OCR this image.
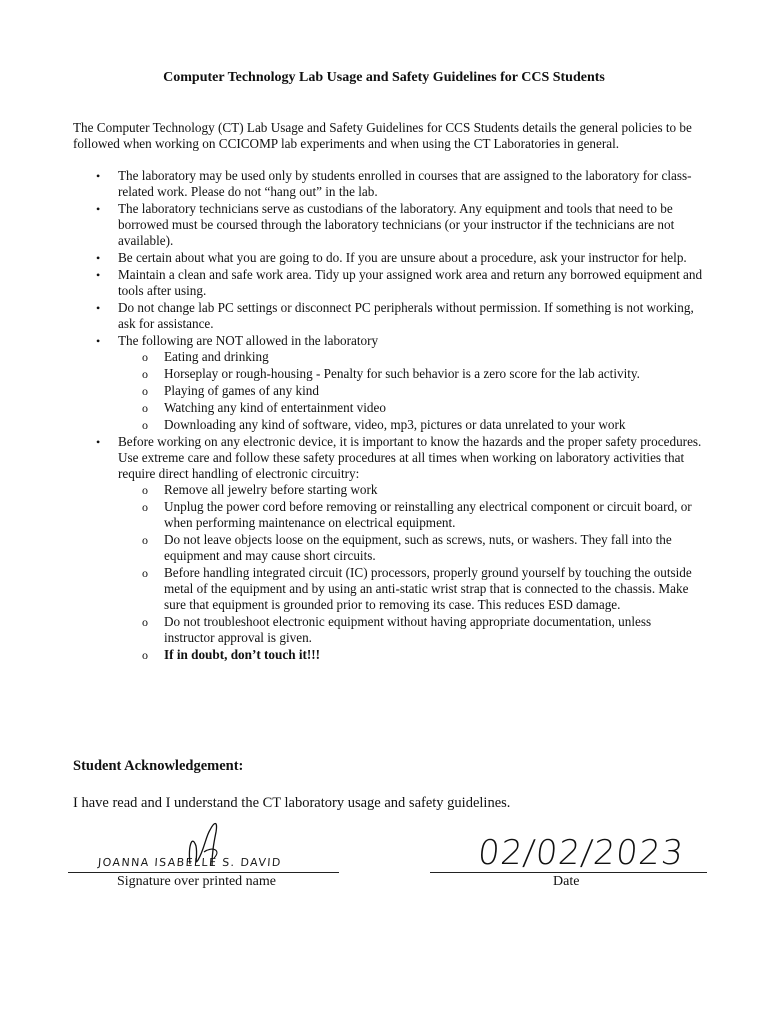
Computer Technology Lab Usage and Safety Guidelines for CCS Students
The Computer Technology (CT) Lab Usage and Safety Guidelines for CCS Students details the general policies to be followed when working on CCICOMP lab experiments and when using the CT Laboratories in general.
•	The laboratory may be used only by students enrolled in courses that are assigned to the laboratory for class-related work. Please do not “hang out” in the lab.
•	The laboratory technicians serve as custodians of the laboratory. Any equipment and tools that need to be borrowed must be coursed through the laboratory technicians (or your instructor if the technicians are not available).
•	Be certain about what you are going to do. If you are unsure about a procedure, ask your instructor for help.
•	Maintain a clean and safe work area. Tidy up your assigned work area and return any borrowed equipment and tools after using.
•	Do not change lab PC settings or disconnect PC peripherals without permission. If something is not working, ask for assistance.
•	The following are NOT allowed in the laboratory
o	Eating and drinking
o	Horseplay or rough-housing - Penalty for such behavior is a zero score for the lab activity.
o	Playing of games of any kind
o	Watching any kind of entertainment video
o	Downloading any kind of software, video, mp3, pictures or data unrelated to your work
•	Before working on any electronic device, it is important to know the hazards and the proper safety procedures. Use extreme care and follow these safety procedures at all times when working on laboratory activities that require direct handling of electronic circuitry:
o	Remove all jewelry before starting work
o	Unplug the power cord before removing or reinstalling any electrical component or circuit board, or when performing maintenance on electrical equipment.
o	Do not leave objects loose on the equipment, such as screws, nuts, or washers. They fall into the equipment and may cause short circuits.
o	Before handling integrated circuit (IC) processors, properly ground yourself by touching the outside metal of the equipment and by using an anti-static wrist strap that is connected to the chassis. Make sure that equipment is grounded prior to removing its case. This reduces ESD damage.
o	Do not troubleshoot electronic equipment without having appropriate documentation, unless instructor approval is given.
o	If in doubt, don’t touch it!!!
Student Acknowledgement:
I have read and I understand the CT laboratory usage and safety guidelines.
JOANNA ISABELLE S. DAVID
Signature over printed name
02/02/2023
Date
